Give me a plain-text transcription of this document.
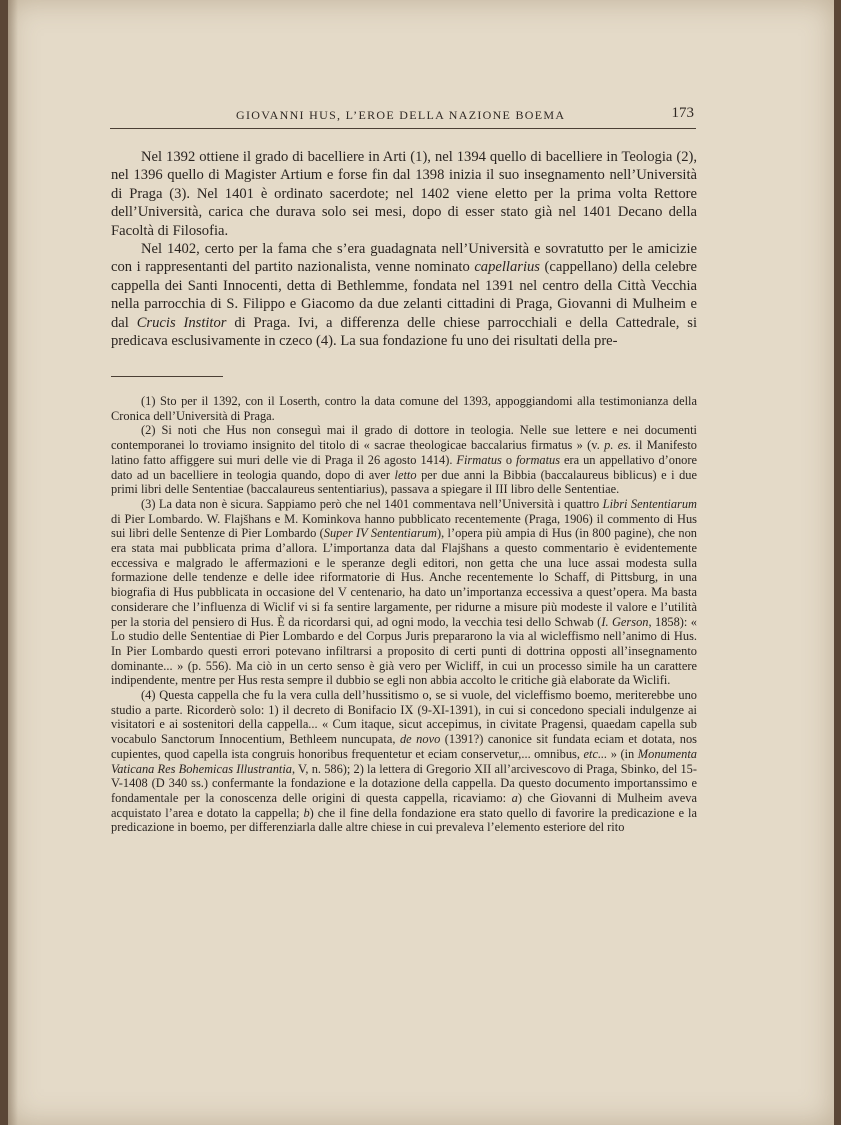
GIOVANNI HUS, L’EROE DELLA NAZIONE BOEMA	173

Nel 1392 ottiene il grado di bacelliere in Arti (1), nel 1394 quello di bacelliere in Teologia (2), nel 1396 quello di Magister Artium e forse fin dal 1398 inizia il suo insegnamento nell’Università di Praga (3). Nel 1401 è ordinato sacerdote; nel 1402 viene eletto per la prima volta Rettore dell’Università, carica che durava solo sei mesi, dopo di esser stato già nel 1401 Decano della Facoltà di Filosofia.

Nel 1402, certo per la fama che s’era guadagnata nell’Università e sovratutto per le amicizie con i rappresentanti del partito nazionalista, venne nominato capellarius (cappellano) della celebre cappella dei Santi Innocenti, detta di Bethlemme, fondata nel 1391 nel centro della Città Vecchia nella parrocchia di S. Filippo e Giacomo da due zelanti cittadini di Praga, Giovanni di Mulheim e dal Crucis Institor di Praga. Ivi, a differenza delle chiese parrocchiali e della Cattedrale, si predicava esclusivamente in czeco (4). La sua fondazione fu uno dei risultati della pre-

(1) Sto per il 1392, con il Loserth, contro la data comune del 1393, appoggiandomi alla testimonianza della Cronica dell’Università di Praga.

(2) Si noti che Hus non conseguì mai il grado di dottore in teologia. Nelle sue lettere e nei documenti contemporanei lo troviamo insignito del titolo di « sacrae theologicae baccalarius firmatus » (v. p. es. il Manifesto latino fatto affiggere sui muri delle vie di Praga il 26 agosto 1414). Firmatus o formatus era un appellativo d’onore dato ad un bacelliere in teologia quando, dopo di aver letto per due anni la Bibbia (baccalaureus biblicus) e i due primi libri delle Sententiae (baccalaureus sententiarius), passava a spiegare il III libro delle Sententiae.

(3) La data non è sicura. Sappiamo però che nel 1401 commentava nell’Università i quattro Libri Sententiarum di Pier Lombardo. W. Flajšhans e M. Kominkova hanno pubblicato recentemente (Praga, 1906) il commento di Hus sui libri delle Sentenze di Pier Lombardo (Super IV Sententiarum), l’opera più ampia di Hus (in 800 pagine), che non era stata mai pubblicata prima d’allora. L’importanza data dal Flajšhans a questo commentario è evidentemente eccessiva e malgrado le affermazioni e le speranze degli editori, non getta che una luce assai modesta sulla formazione delle tendenze e delle idee riformatorie di Hus. Anche recentemente lo Schaff, di Pittsburg, in una biografia di Hus pubblicata in occasione del V centenario, ha dato un’importanza eccessiva a quest’opera. Ma basta considerare che l’influenza di Wiclif vi si fa sentire largamente, per ridurne a misure più modeste il valore e l’utilità per la storia del pensiero di Hus. È da ricordarsi qui, ad ogni modo, la vecchia tesi dello Schwab (I. Gerson, 1858): « Lo studio delle Sententiae di Pier Lombardo e del Corpus Juris prepararono la via al wicleffismo nell’animo di Hus. In Pier Lombardo questi errori potevano infiltrarsi a proposito di certi punti di dottrina opposti all’insegnamento dominante... » (p. 556). Ma ciò in un certo senso è già vero per Wicliff, in cui un processo simile ha un carattere indipendente, mentre per Hus resta sempre il dubbio se egli non abbia accolto le critiche già elaborate da Wiclifi.

(4) Questa cappella che fu la vera culla dell’hussitismo o, se si vuole, del vicleffismo boemo, meriterebbe uno studio a parte. Ricorderò solo: 1) il decreto di Bonifacio IX (9-XI-1391), in cui si concedono speciali indulgenze ai visitatori e ai sostenitori della cappella... « Cum itaque, sicut accepimus, in civitate Pragensi, quaedam capella sub vocabulo Sanctorum Innocentium, Bethleem nuncupata, de novo (1391?) canonice sit fundata eciam et dotata, nos cupientes, quod capella ista congruis honoribus frequentetur et eciam conservetur,... omnibus, etc... » (in Monumenta Vaticana Res Bohemicas Illustrantia, V, n. 586); 2) la lettera di Gregorio XII all’arcivescovo di Praga, Sbinko, del 15-V-1408 (D 340 ss.) confermante la fondazione e la dotazione della cappella. Da questo documento importanssimo e fondamentale per la conoscenza delle origini di questa cappella, ricaviamo: a) che Giovanni di Mulheim aveva acquistato l’area e dotato la cappella; b) che il fine della fondazione era stato quello di favorire la predicazione e la predicazione in boemo, per differenziarla dalle altre chiese in cui prevaleva l’elemento esteriore del rito
